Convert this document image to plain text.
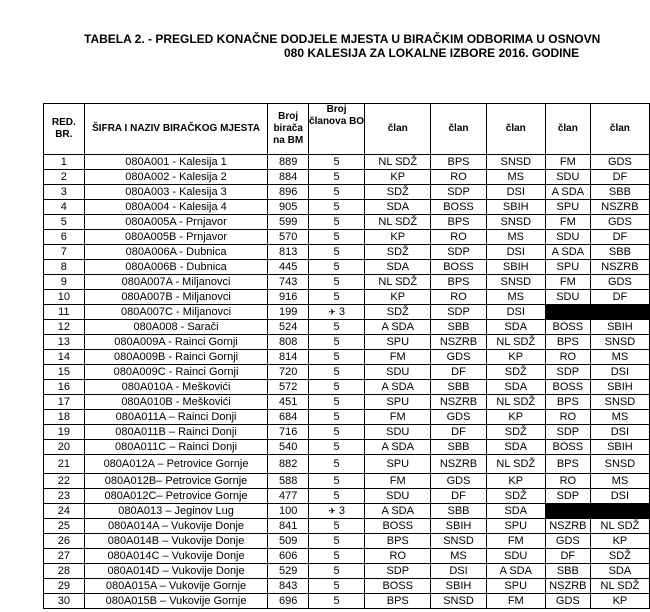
TABELA 2. - PREGLED KONAČNE DODJELE MJESTA U BIRAČKIM ODBORIMA U OSNOVN
080 KALESIJA ZA LOKALNE IZBORE 2016. GODINE
RED. BR.	ŠIFRA I NAZIV BIRAČKOG MJESTA	Broj birača na BM	Broj članova BO	član	član	član	član	član
1	080A001 - Kalesija 1	889	5	NL SDŽ	BPS	SNSD	FM	GDS
2	080A002 - Kalesija 2	884	5	KP	RO	MS	SDU	DF
3	080A003 - Kalesija 3	896	5	SDŽ	SDP	DSI	A SDA	SBB
4	080A004 - Kalesija 4	905	5	SDA	BOSS	SBIH	SPU	NSZRB
5	080A005A - Prnjavor	599	5	NL SDŽ	BPS	SNSD	FM	GDS
6	080A005B - Prnjavor	570	5	KP	RO	MS	SDU	DF
7	080A006A - Dubnica	813	5	SDŽ	SDP	DSI	A SDA	SBB
8	080A006B - Dubnica	445	5	SDA	BOSS	SBIH	SPU	NSZRB
9	080A007A - Miljanovci	743	5	NL SDŽ	BPS	SNSD	FM	GDS
10	080A007B - Miljanovci	916	5	KP	RO	MS	SDU	DF
11	080A007C - Miljanovci	199	✈ 3	SDŽ	SDP	DSI		
12	080A008 - Sarači	524	5	A SDA	SBB	SDA	BOSS	SBIH
13	080A009A - Rainci Gornji	808	5	SPU	NSZRB	NL SDŽ	BPS	SNSD
14	080A009B - Rainci Gornji	814	5	FM	GDS	KP	RO	MS
15	080A009C - Rainci Gornji	720	5	SDU	DF	SDŽ	SDP	DSI
16	080A010A - Meškovići	572	5	A SDA	SBB	SDA	BOSS	SBIH
17	080A010B - Meškovići	451	5	SPU	NSZRB	NL SDŽ	BPS	SNSD
18	080A011A – Rainci Donji	684	5	FM	GDS	KP	RO	MS
19	080A011B – Rainci Donji	716	5	SDU	DF	SDŽ	SDP	DSI
20	080A011C – Rainci Donji	540	5	A SDA	SBB	SDA	BOSS	SBIH
21	080A012A – Petrovice Gornje	882	5	SPU	NSZRB	NL SDŽ	BPS	SNSD
22	080A012B– Petrovice Gornje	588	5	FM	GDS	KP	RO	MS
23	080A012C– Petrovice Gornje	477	5	SDU	DF	SDŽ	SDP	DSI
24	080A013 – Jeginov Lug	100	✈ 3	A SDA	SBB	SDA		
25	080A014A – Vukovije Donje	841	5	BOSS	SBIH	SPU	NSZRB	NL SDŽ
26	080A014B – Vukovije Donje	509	5	BPS	SNSD	FM	GDS	KP
27	080A014C – Vukovije Donje	606	5	RO	MS	SDU	DF	SDŽ
28	080A014D – Vukovije Donje	529	5	SDP	DSI	A SDA	SBB	SDA
29	080A015A – Vukovije Gornje	843	5	BOSS	SBIH	SPU	NSZRB	NL SDŽ
30	080A015B – Vukovije Gornje	696	5	BPS	SNSD	FM	GDS	KP
